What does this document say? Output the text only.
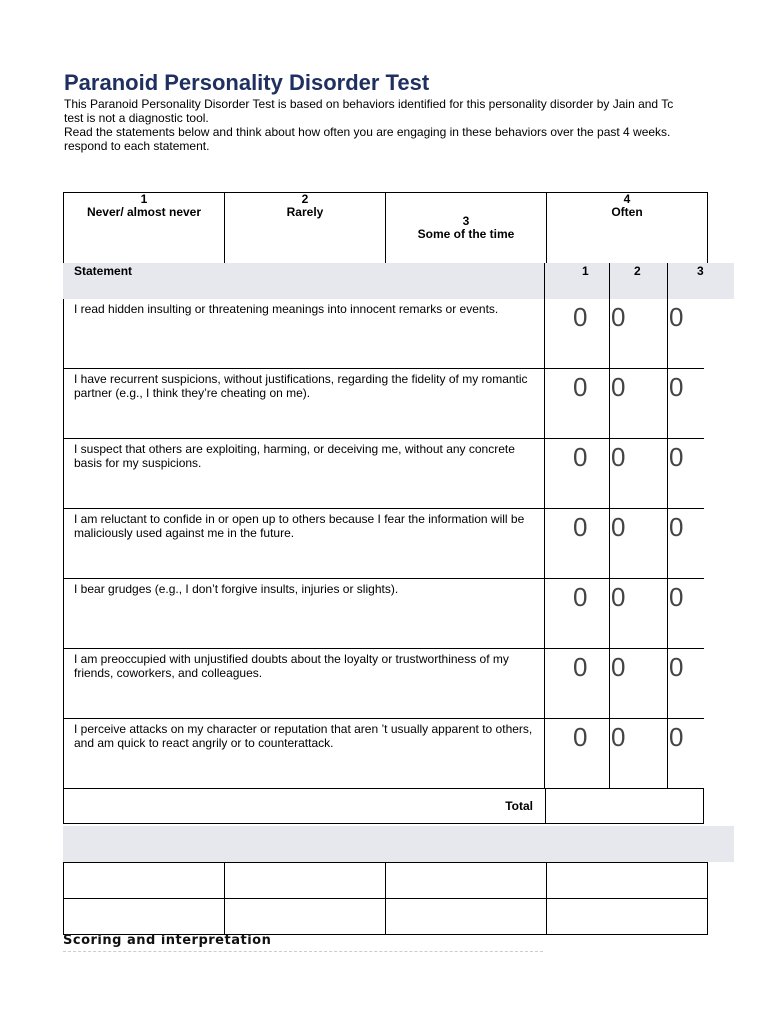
Paranoid Personality Disorder Test
This Paranoid Personality Disorder Test is based on behaviors identified for this personality disorder by Jain and Tc
test is not a diagnostic tool.
Read the statements below and think about how often you are engaging in these behaviors over the past 4 weeks.
respond to each statement.
1
Never/ almost never

2
Rarely

3
Some of the time

4
Often
Statement	1	2	3
I read hidden insulting or threatening meanings into innocent remarks or events.	0 0 0
I have recurrent suspicions, without justifications, regarding the fidelity of my romantic partner (e.g., I think they’re cheating on me).	0 0 0
I suspect that others are exploiting, harming, or deceiving me, without any concrete basis for my suspicions.	0 0 0
I am reluctant to confide in or open up to others because I fear the information will be maliciously used against me in the future.	0 0 0
I bear grudges (e.g., I don’t forgive insults, injuries or slights).	0 0 0
I am preoccupied with unjustified doubts about the loyalty or trustworthiness of my friends, coworkers, and colleagues.	0 0 0
I perceive attacks on my character or reputation that aren ’t usually apparent to others, and am quick to react angrily or to counterattack.	0 0 0
Total

Scoring and interpretation
